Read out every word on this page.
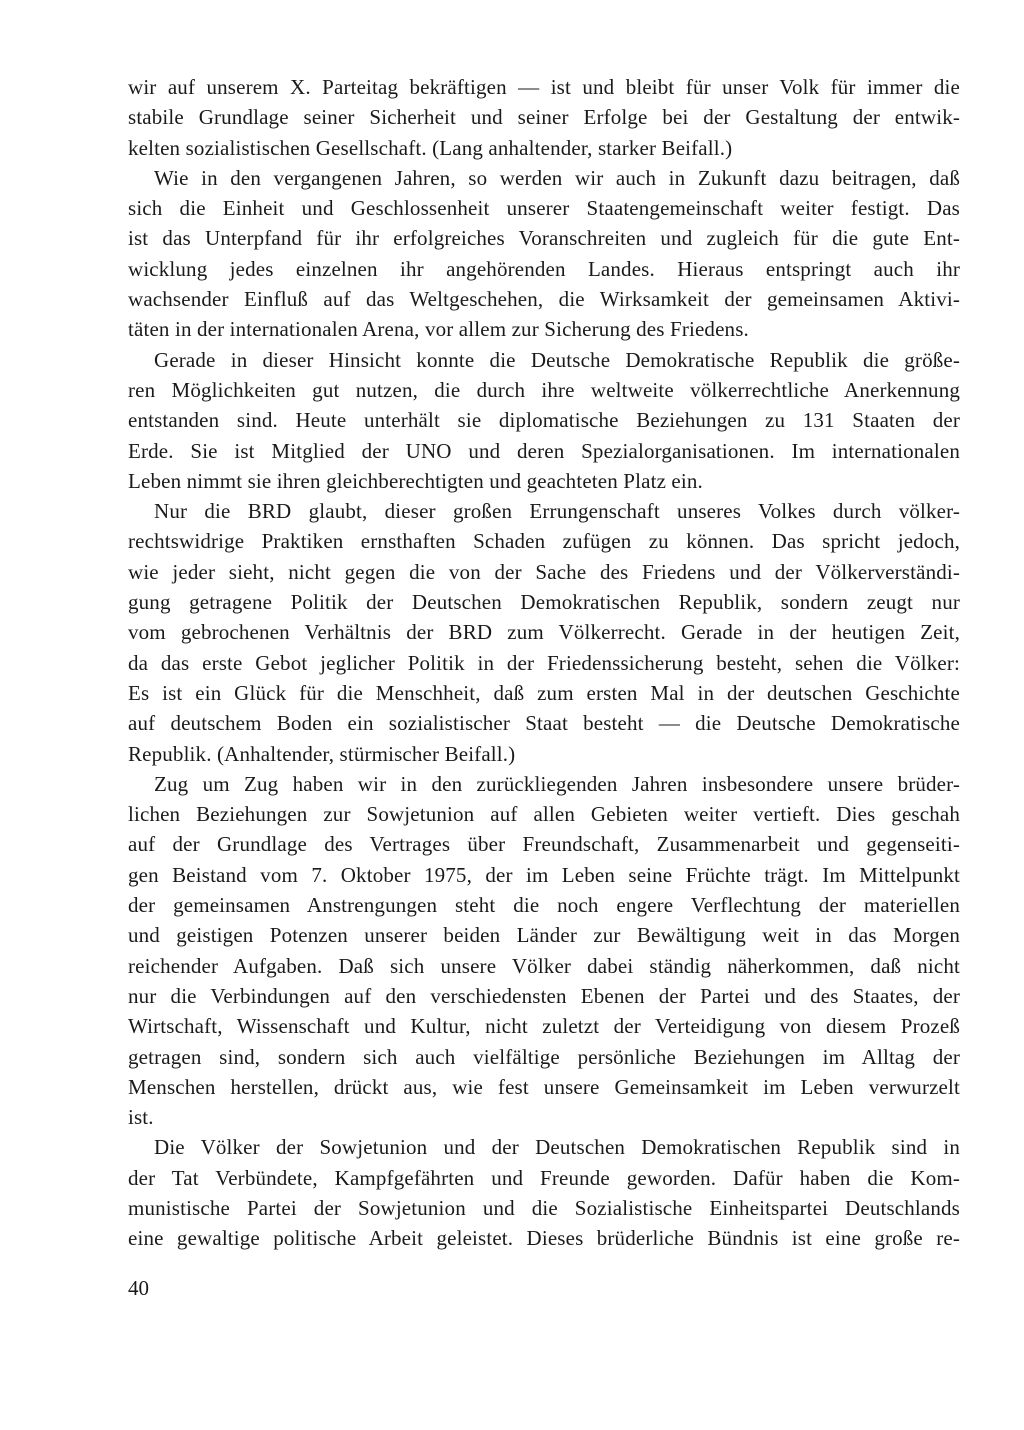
wir auf unserem X. Parteitag bekräftigen — ist und bleibt für unser Volk für immer die
stabile Grundlage seiner Sicherheit und seiner Erfolge bei der Gestaltung der entwik-
kelten sozialistischen Gesellschaft. (Lang anhaltender, starker Beifall.)
Wie in den vergangenen Jahren, so werden wir auch in Zukunft dazu beitragen, daß
sich die Einheit und Geschlossenheit unserer Staatengemeinschaft weiter festigt. Das
ist das Unterpfand für ihr erfolgreiches Voranschreiten und zugleich für die gute Ent-
wicklung jedes einzelnen ihr angehörenden Landes. Hieraus entspringt auch ihr
wachsender Einfluß auf das Weltgeschehen, die Wirksamkeit der gemeinsamen Aktivi-
täten in der internationalen Arena, vor allem zur Sicherung des Friedens.
Gerade in dieser Hinsicht konnte die Deutsche Demokratische Republik die größe-
ren Möglichkeiten gut nutzen, die durch ihre weltweite völkerrechtliche Anerkennung
entstanden sind. Heute unterhält sie diplomatische Beziehungen zu 131 Staaten der
Erde. Sie ist Mitglied der UNO und deren Spezialorganisationen. Im internationalen
Leben nimmt sie ihren gleichberechtigten und geachteten Platz ein.
Nur die BRD glaubt, dieser großen Errungenschaft unseres Volkes durch völker-
rechtswidrige Praktiken ernsthaften Schaden zufügen zu können. Das spricht jedoch,
wie jeder sieht, nicht gegen die von der Sache des Friedens und der Völkerverständi-
gung getragene Politik der Deutschen Demokratischen Republik, sondern zeugt nur
vom gebrochenen Verhältnis der BRD zum Völkerrecht. Gerade in der heutigen Zeit,
da das erste Gebot jeglicher Politik in der Friedenssicherung besteht, sehen die Völker:
Es ist ein Glück für die Menschheit, daß zum ersten Mal in der deutschen Geschichte
auf deutschem Boden ein sozialistischer Staat besteht — die Deutsche Demokratische
Republik. (Anhaltender, stürmischer Beifall.)
Zug um Zug haben wir in den zurückliegenden Jahren insbesondere unsere brüder-
lichen Beziehungen zur Sowjetunion auf allen Gebieten weiter vertieft. Dies geschah
auf der Grundlage des Vertrages über Freundschaft, Zusammenarbeit und gegenseiti-
gen Beistand vom 7. Oktober 1975, der im Leben seine Früchte trägt. Im Mittelpunkt
der gemeinsamen Anstrengungen steht die noch engere Verflechtung der materiellen
und geistigen Potenzen unserer beiden Länder zur Bewältigung weit in das Morgen
reichender Aufgaben. Daß sich unsere Völker dabei ständig näherkommen, daß nicht
nur die Verbindungen auf den verschiedensten Ebenen der Partei und des Staates, der
Wirtschaft, Wissenschaft und Kultur, nicht zuletzt der Verteidigung von diesem Prozeß
getragen sind, sondern sich auch vielfältige persönliche Beziehungen im Alltag der
Menschen herstellen, drückt aus, wie fest unsere Gemeinsamkeit im Leben verwurzelt
ist.
Die Völker der Sowjetunion und der Deutschen Demokratischen Republik sind in
der Tat Verbündete, Kampfgefährten und Freunde geworden. Dafür haben die Kom-
munistische Partei der Sowjetunion und die Sozialistische Einheitspartei Deutschlands
eine gewaltige politische Arbeit geleistet. Dieses brüderliche Bündnis ist eine große re-
40
